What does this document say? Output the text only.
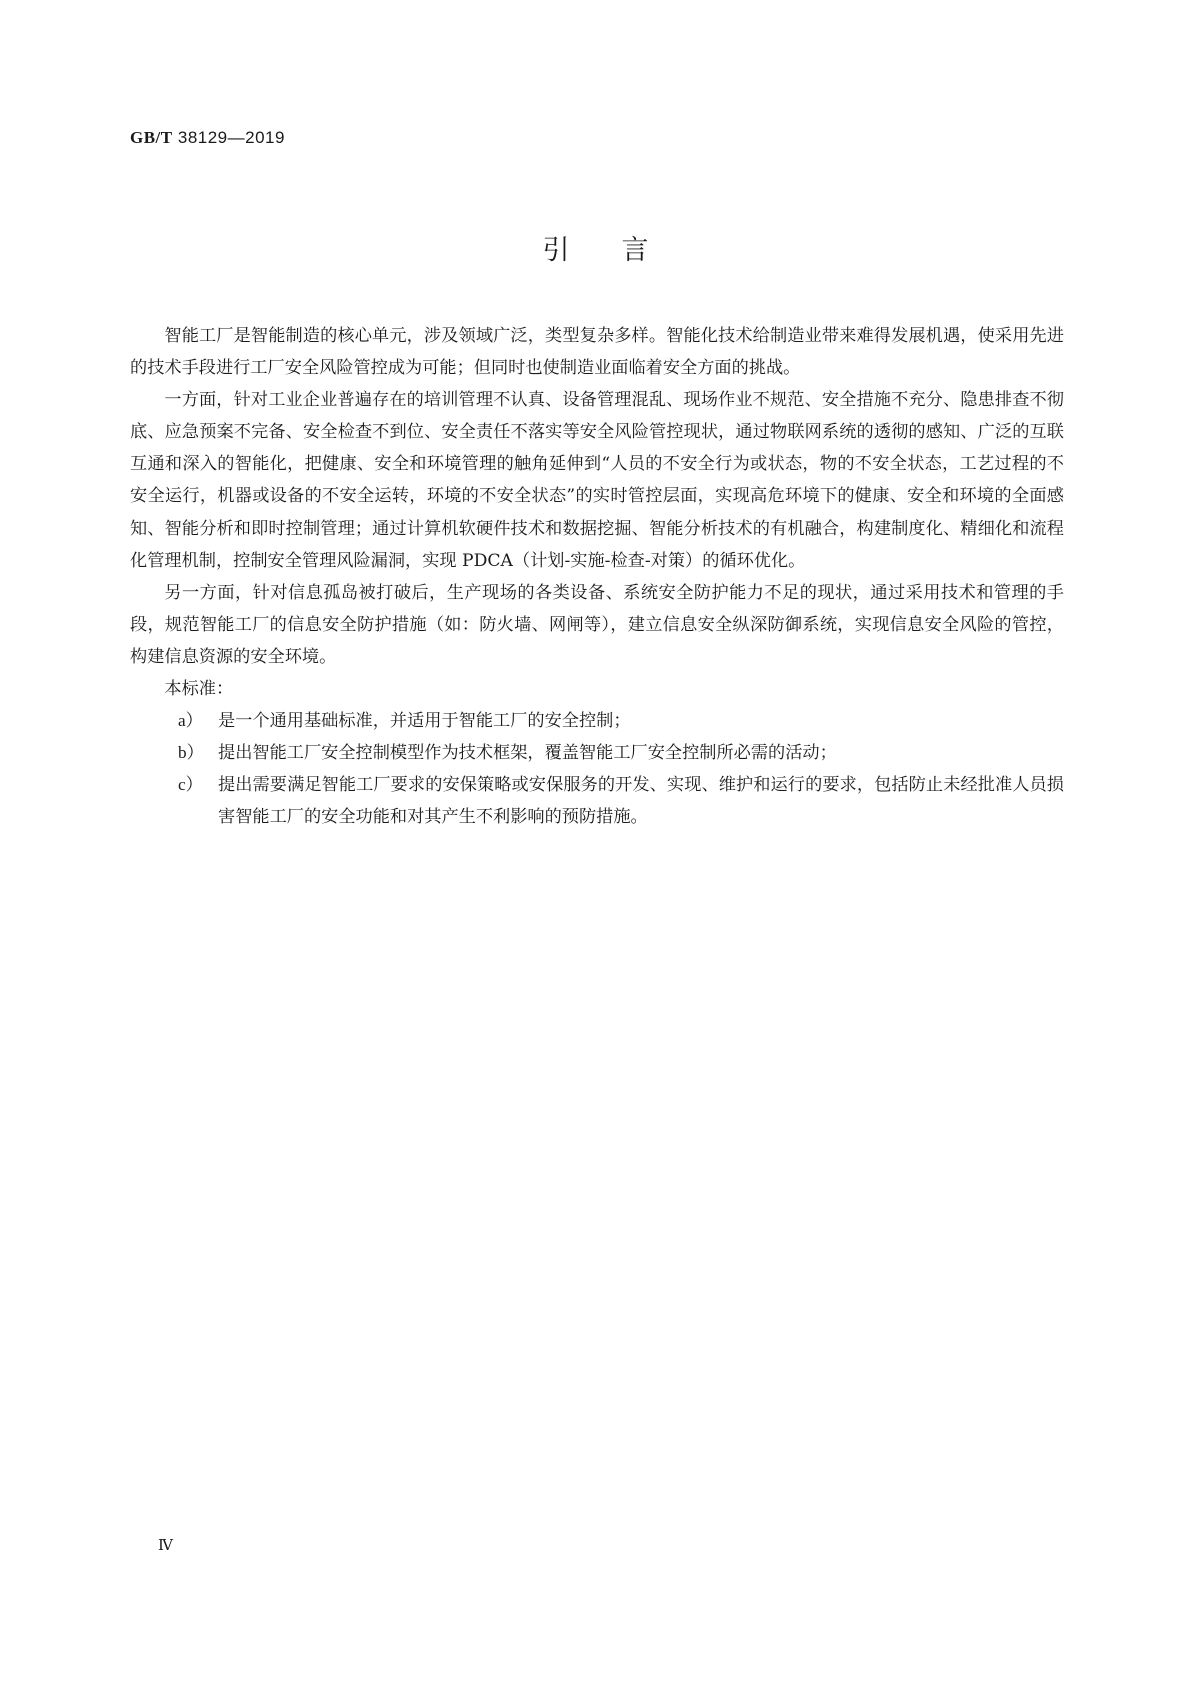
GB/T 38129—2019
引言

智能工厂是智能制造的核心单元，涉及领域广泛，类型复杂多样。智能化技术给制造业带来难得发展机遇，使采用先进的技术手段进行工厂安全风险管控成为可能；但同时也使制造业面临着安全方面的挑战。

一方面，针对工业企业普遍存在的培训管理不认真、设备管理混乱、现场作业不规范、安全措施不充分、隐患排查不彻底、应急预案不完备、安全检查不到位、安全责任不落实等安全风险管控现状，通过物联网系统的透彻的感知、广泛的互联互通和深入的智能化，把健康、安全和环境管理的触角延伸到“人员的不安全行为或状态，物的不安全状态，工艺过程的不安全运行，机器或设备的不安全运转，环境的不安全状态”的实时管控层面，实现高危环境下的健康、安全和环境的全面感知、智能分析和即时控制管理；通过计算机软硬件技术和数据挖掘、智能分析技术的有机融合，构建制度化、精细化和流程化管理机制，控制安全管理风险漏洞，实现 PDCA（计划-实施-检查-对策）的循环优化。

另一方面，针对信息孤岛被打破后，生产现场的各类设备、系统安全防护能力不足的现状，通过采用技术和管理的手段，规范智能工厂的信息安全防护措施（如：防火墙、网闸等），建立信息安全纵深防御系统，实现信息安全风险的管控，构建信息资源的安全环境。

本标准：

a） 是一个通用基础标准，并适用于智能工厂的安全控制；
b） 提出智能工厂安全控制模型作为技术框架，覆盖智能工厂安全控制所必需的活动；
c） 提出需要满足智能工厂要求的安保策略或安保服务的开发、实现、维护和运行的要求，包括防止未经批准人员损害智能工厂的安全功能和对其产生不利影响的预防措施。
Ⅳ
